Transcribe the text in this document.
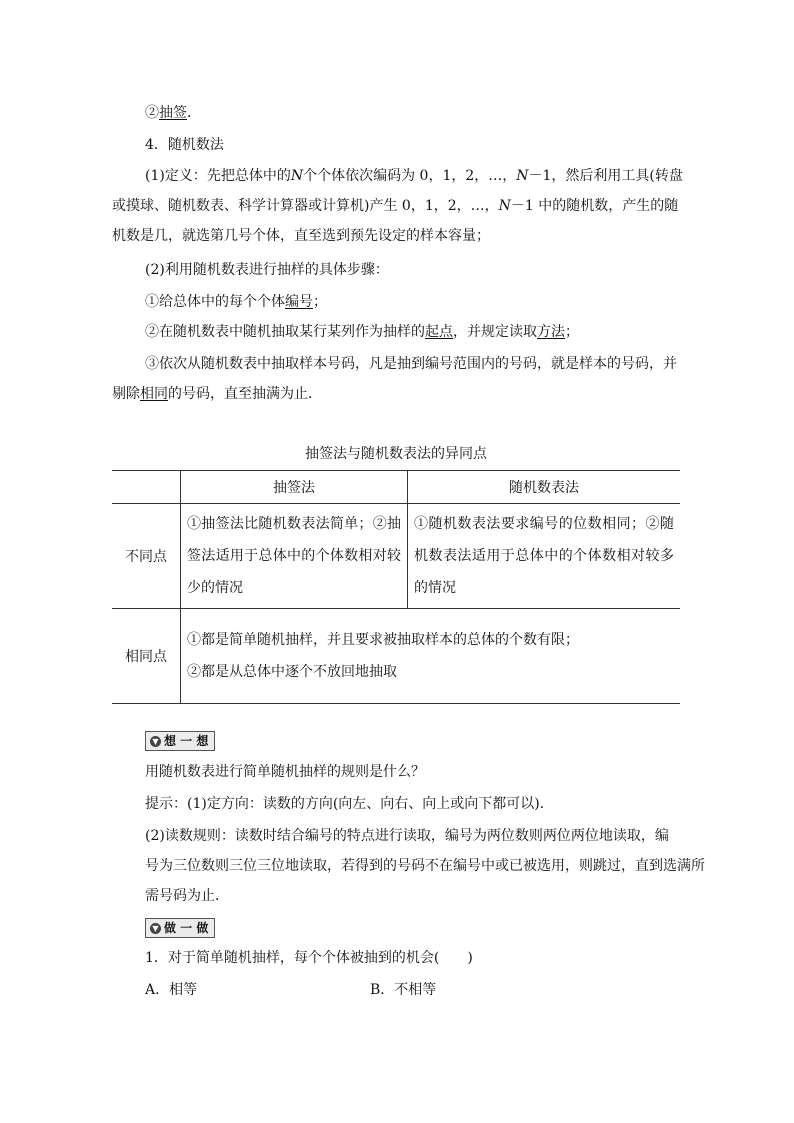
②抽签.

4．随机数法

(1)定义：先把总体中的N个个体依次编码为 0，1，2，…，N－1，然后利用工具(转盘

或摸球、随机数表、科学计算器或计算机)产生 0，1，2，…，N－1 中的随机数，产生的随

机数是几，就选第几号个体，直至选到预先设定的样本容量；

(2)利用随机数表进行抽样的具体步骤：

①给总体中的每个个体编号；

②在随机数表中随机抽取某行某列作为抽样的起点，并规定读取方法；

③依次从随机数表中抽取样本号码，凡是抽到编号范围内的号码，就是样本的号码，并

剔除相同的号码，直至抽满为止．

抽签法与随机数表法的异同点
	抽签法	随机数表法
不同点	①抽签法比随机数表法简单；②抽签法适用于总体中的个体数相对较少的情况	①随机数表法要求编号的位数相同；②随机数表法适用于总体中的个体数相对较多的情况
相同点	①都是简单随机抽样，并且要求被抽取样本的总体的个数有限；
②都是从总体中逐个不放回地抽取	
▼ 想 一 想

用随机数表进行简单随机抽样的规则是什么？

提示：(1)定方向：读数的方向(向左、向右、向上或向下都可以)．

(2)读数规则：读数时结合编号的特点进行读取，编号为两位数则两位两位地读取，编

号为三位数则三位三位地读取，若得到的号码不在编号中或已被选用，则跳过，直到选满所

需号码为止．

▼ 做 一 做

1．对于简单随机抽样，每个个体被抽到的机会(　　)

A．相等	B．不相等
